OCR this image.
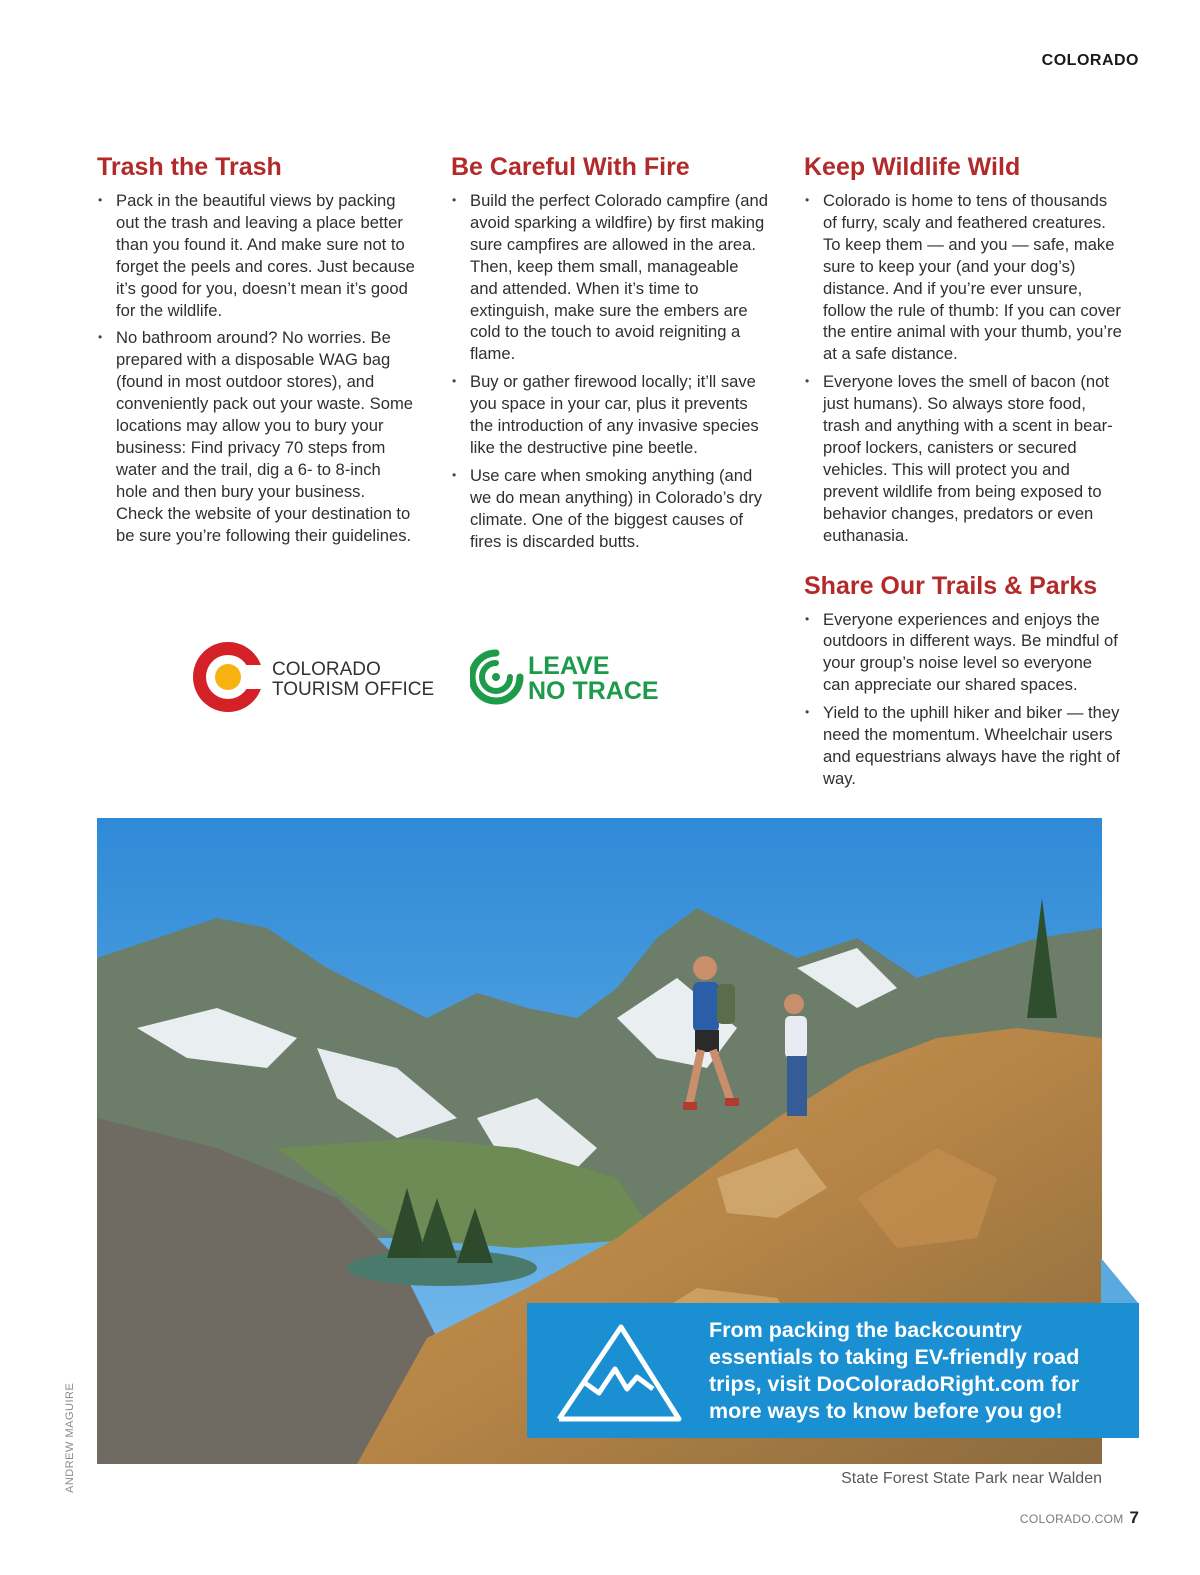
COLORADO
Trash the Trash
• Pack in the beautiful views by packing out the trash and leaving a place better than you found it. And make sure not to forget the peels and cores. Just because it’s good for you, doesn’t mean it’s good for the wildlife.
• No bathroom around? No worries. Be prepared with a disposable WAG bag (found in most outdoor stores), and conveniently pack out your waste. Some locations may allow you to bury your business: Find privacy 70 steps from water and the trail, dig a 6- to 8-inch hole and then bury your business. Check the website of your destination to be sure you’re following their guidelines.
Be Careful With Fire
• Build the perfect Colorado campfire (and avoid sparking a wildfire) by first making sure campfires are allowed in the area. Then, keep them small, manageable and attended. When it’s time to extinguish, make sure the embers are cold to the touch to avoid reigniting a flame.
• Buy or gather firewood locally; it’ll save you space in your car, plus it prevents the introduction of any invasive species like the destructive pine beetle.
• Use care when smoking anything (and we do mean anything) in Colorado’s dry climate. One of the biggest causes of fires is discarded butts.
Keep Wildlife Wild
• Colorado is home to tens of thousands of furry, scaly and feathered creatures. To keep them — and you — safe, make sure to keep your (and your dog’s) distance. And if you’re ever unsure, follow the rule of thumb: If you can cover the entire animal with your thumb, you’re at a safe distance.
• Everyone loves the smell of bacon (not just humans). So always store food, trash and anything with a scent in bear-proof lockers, canisters or secured vehicles. This will protect you and prevent wildlife from being exposed to behavior changes, predators or even euthanasia.
Share Our Trails & Parks
• Everyone experiences and enjoys the outdoors in different ways. Be mindful of your group’s noise level so everyone can appreciate our shared spaces.
• Yield to the uphill hiker and biker — they need the momentum. Wheelchair users and equestrians always have the right of way.
COLORADO
TOURISM OFFICE
LEAVE
NO TRACE

From packing the backcountry essentials to taking EV-friendly road trips, visit DoColoradoRight.com for more ways to know before you go!

ANDREW MAGUIRE	State Forest State Park near Walden
COLORADO.COM 7
